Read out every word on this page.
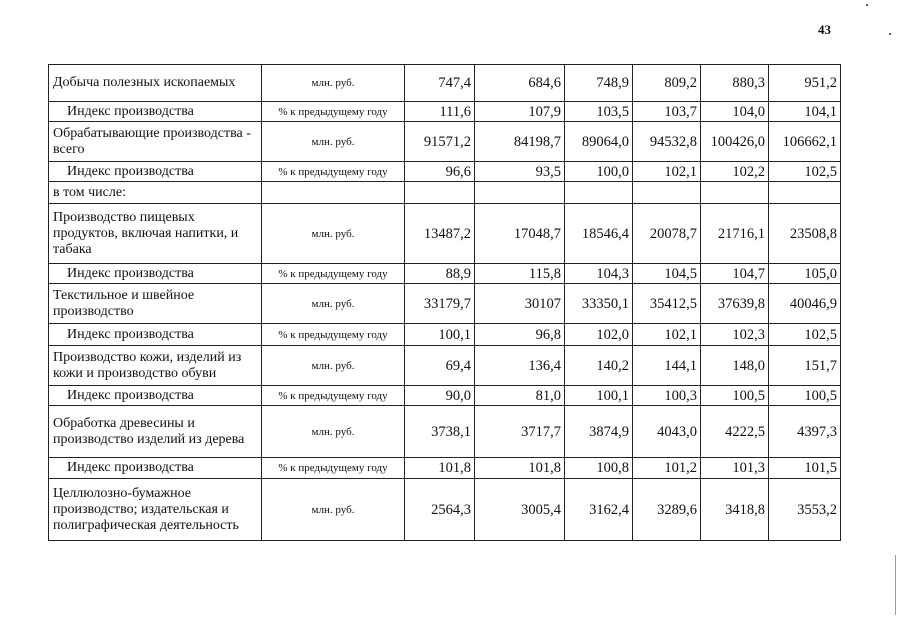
43
Добыча полезных ископаемых	млн. руб.	747,4	684,6	748,9	809,2	880,3	951,2
Индекс производства	% к предыдущему году	111,6	107,9	103,5	103,7	104,0	104,1
Обрабатывающие производства - всего	млн. руб.	91571,2	84198,7	89064,0	94532,8	100426,0	106662,1
Индекс производства	% к предыдущему году	96,6	93,5	100,0	102,1	102,2	102,5
в том числе:							
Производство пищевых продуктов, включая напитки, и табака	млн. руб.	13487,2	17048,7	18546,4	20078,7	21716,1	23508,8
Индекс производства	% к предыдущему году	88,9	115,8	104,3	104,5	104,7	105,0
Текстильное и швейное производство	млн. руб.	33179,7	30107	33350,1	35412,5	37639,8	40046,9
Индекс производства	% к предыдущему году	100,1	96,8	102,0	102,1	102,3	102,5
Производство кожи, изделий из кожи и производство обуви	млн. руб.	69,4	136,4	140,2	144,1	148,0	151,7
Индекс производства	% к предыдущему году	90,0	81,0	100,1	100,3	100,5	100,5
Обработка древесины и производство изделий из дерева	млн. руб.	3738,1	3717,7	3874,9	4043,0	4222,5	4397,3
Индекс производства	% к предыдущему году	101,8	101,8	100,8	101,2	101,3	101,5
Целлюлозно-бумажное производство; издательская и полиграфическая деятельность	млн. руб.	2564,3	3005,4	3162,4	3289,6	3418,8	3553,2
